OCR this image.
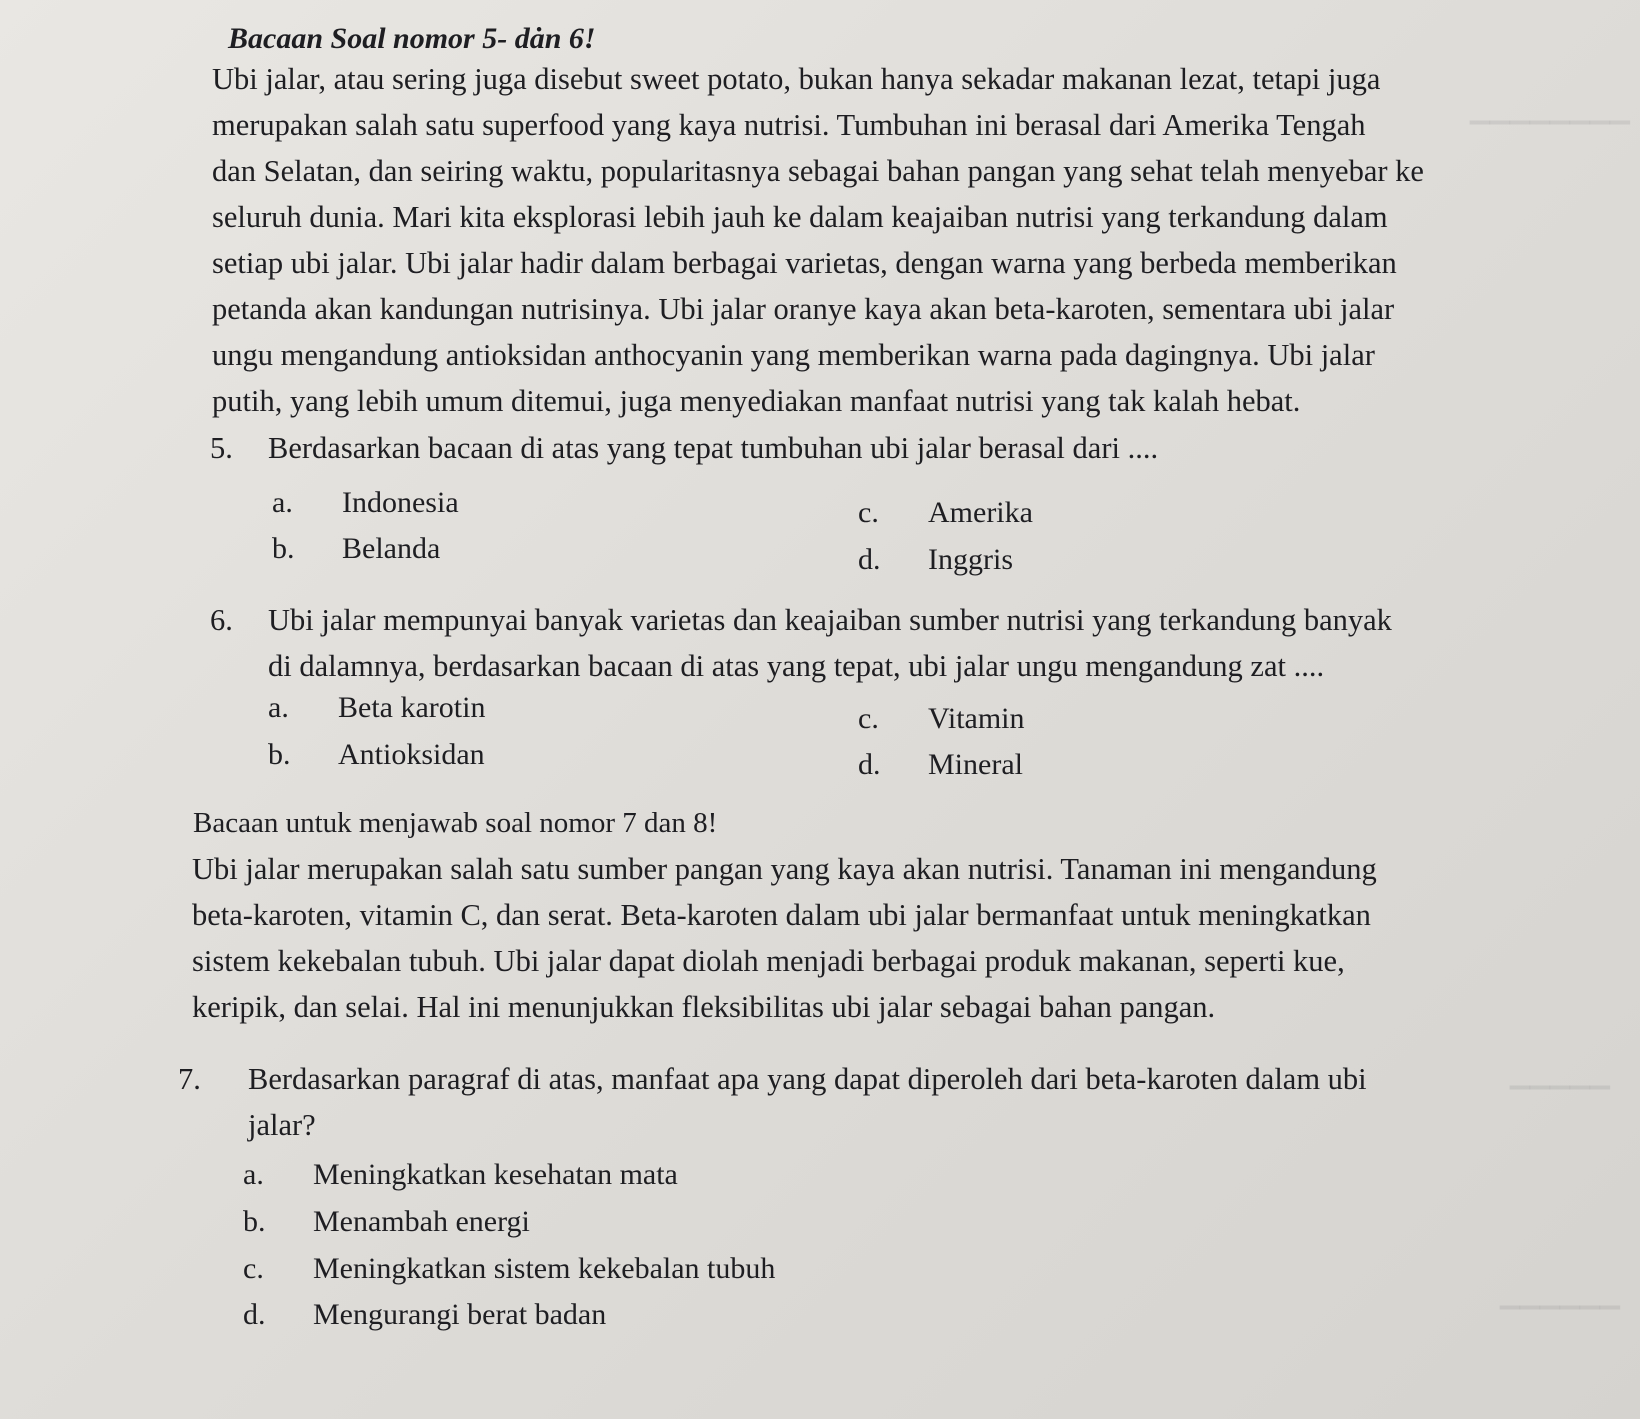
▁▁▁▁▁▁▁▁
▁▁▁▁▁
▁▁▁▁▁▁
Bacaan Soal nomor 5- dȧn 6!
Ubi jalar, atau sering juga disebut sweet potato, bukan hanya sekadar makanan lezat, tetapi juga
merupakan salah satu superfood yang kaya nutrisi. Tumbuhan ini berasal dari Amerika Tengah
dan Selatan, dan seiring waktu, popularitasnya sebagai bahan pangan yang sehat telah menyebar ke
seluruh dunia. Mari kita eksplorasi lebih jauh ke dalam keajaiban nutrisi yang terkandung dalam
setiap ubi jalar. Ubi jalar hadir dalam berbagai varietas, dengan warna yang berbeda memberikan
petanda akan kandungan nutrisinya. Ubi jalar oranye kaya akan beta-karoten, sementara ubi jalar
ungu mengandung antioksidan anthocyanin yang memberikan warna pada dagingnya. Ubi jalar
putih, yang lebih umum ditemui, juga menyediakan manfaat nutrisi yang tak kalah hebat.
5. Berdasarkan bacaan di atas yang tepat tumbuhan ubi jalar berasal dari ....
a. Indonesia
b. Belanda
c. Amerika
d. Inggris
6. Ubi jalar mempunyai banyak varietas dan keajaiban sumber nutrisi yang terkandung banyak
di dalamnya, berdasarkan bacaan di atas yang tepat, ubi jalar ungu mengandung zat ....
a. Beta karotin
b. Antioksidan
c. Vitamin
d. Mineral
Bacaan untuk menjawab soal nomor 7 dan 8!
Ubi jalar merupakan salah satu sumber pangan yang kaya akan nutrisi. Tanaman ini mengandung
beta-karoten, vitamin C, dan serat. Beta-karoten dalam ubi jalar bermanfaat untuk meningkatkan
sistem kekebalan tubuh. Ubi jalar dapat diolah menjadi berbagai produk makanan, seperti kue,
keripik, dan selai. Hal ini menunjukkan fleksibilitas ubi jalar sebagai bahan pangan.
7. Berdasarkan paragraf di atas, manfaat apa yang dapat diperoleh dari beta-karoten dalam ubi
jalar?
a. Meningkatkan kesehatan mata
b. Menambah energi
c. Meningkatkan sistem kekebalan tubuh
d. Mengurangi berat badan
